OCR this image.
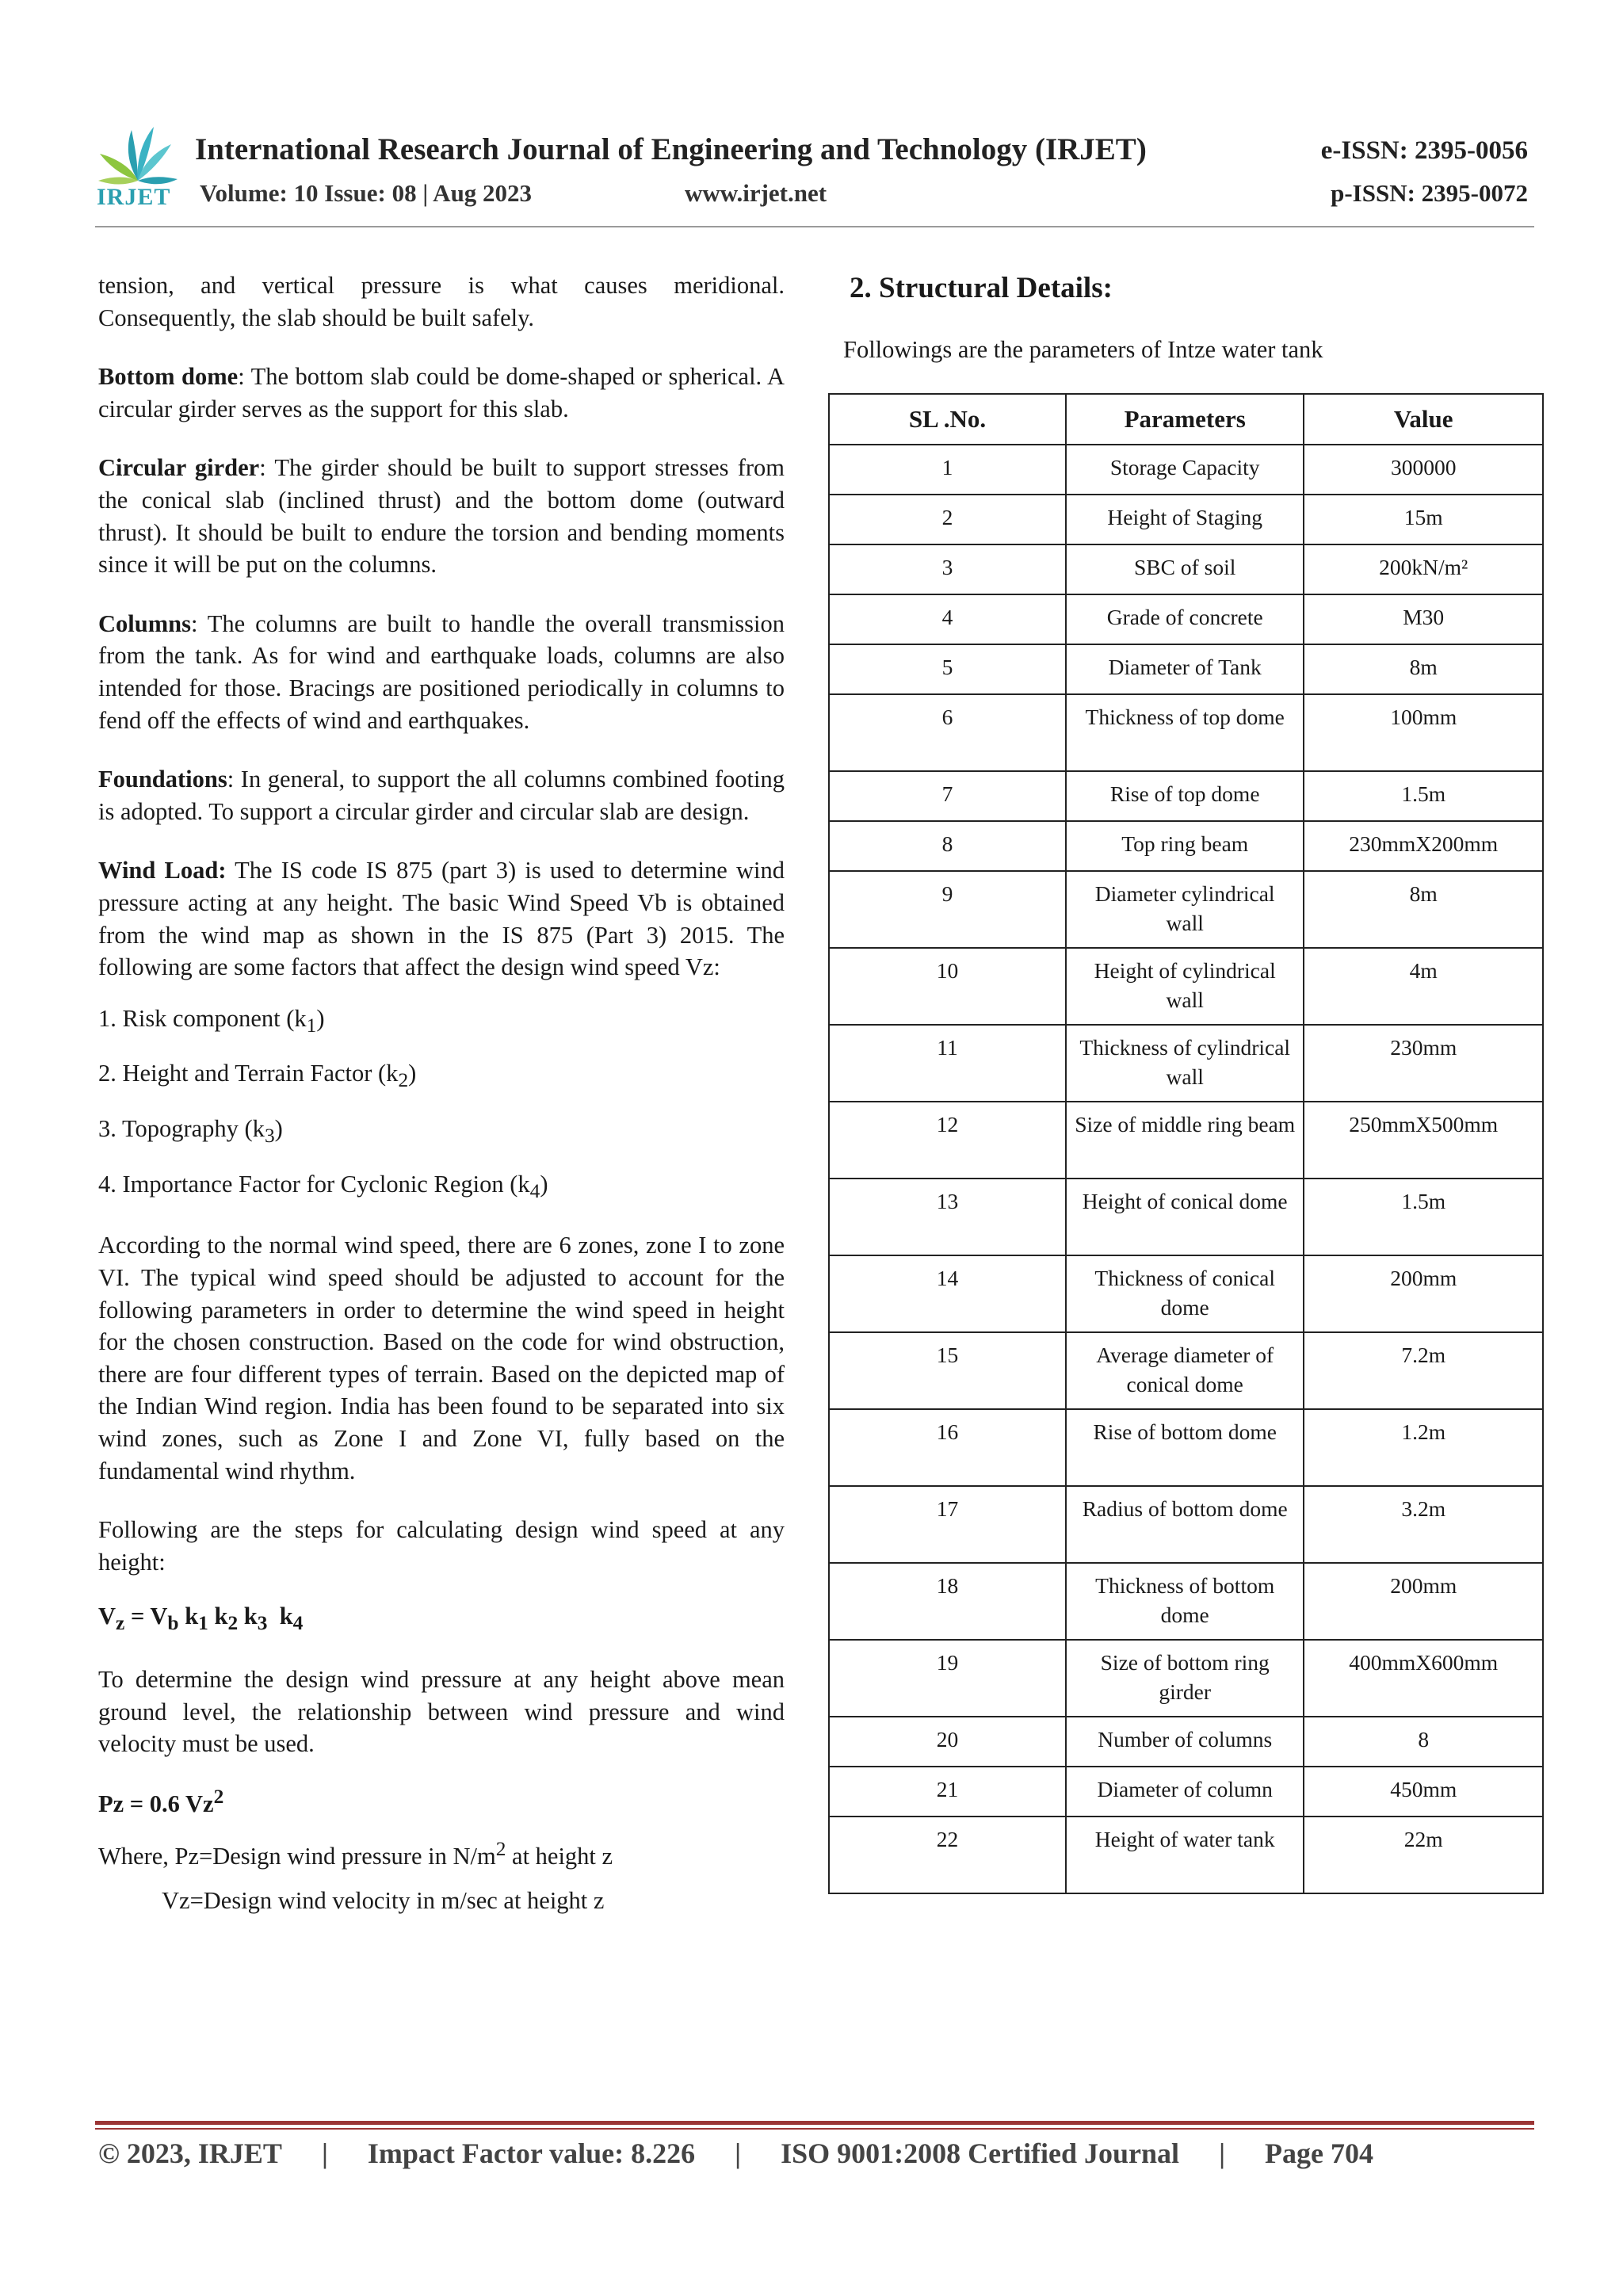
IRJET
International Research Journal of Engineering and Technology (IRJET)
Volume: 10 Issue: 08 | Aug 2023	www.irjet.net
e-ISSN: 2395-0056
p-ISSN: 2395-0072

tension, and vertical pressure is what causes meridional. Consequently, the slab should be built safely.

Bottom dome: The bottom slab could be dome-shaped or spherical. A circular girder serves as the support for this slab.

Circular girder: The girder should be built to support stresses from the conical slab (inclined thrust) and the bottom dome (outward thrust). It should be built to endure the torsion and bending moments since it will be put on the columns.

Columns: The columns are built to handle the overall transmission from the tank. As for wind and earthquake loads, columns are also intended for those. Bracings are positioned periodically in columns to fend off the effects of wind and earthquakes.

Foundations: In general, to support the all columns combined footing is adopted. To support a circular girder and circular slab are design.

Wind Load: The IS code IS 875 (part 3) is used to determine wind pressure acting at any height. The basic Wind Speed Vb is obtained from the wind map as shown in the IS 875 (Part 3) 2015. The following are some factors that affect the design wind speed Vz:

1. Risk component $(k_1)$

2. Height and Terrain Factor $(k_2)$

3. Topography $(k_3)$

4. Importance Factor for Cyclonic Region $(k_4)$

According to the normal wind speed, there are 6 zones, zone I to zone VI. The typical wind speed should be adjusted to account for the following parameters in order to determine the wind speed in height for the chosen construction. Based on the code for wind obstruction, there are four different types of terrain. Based on the depicted map of the Indian Wind region. India has been found to be separated into six wind zones, such as Zone I and Zone VI, fully based on the fundamental wind rhythm.

Following are the steps for calculating design wind speed at any height:

$V_z = V_b$ $k_1$ $k_2$ $k_3$  $k_4$

To determine the design wind pressure at any height above mean ground level, the relationship between wind pressure and wind velocity must be used.

Pz = 0.6 Vz$^2$

Where, Pz=Design wind pressure in $N/m^2$ at height z

Vz=Design wind velocity in m/sec at height z

2. Structural Details:
Followings are the parameters of Intze water tank
SL .No.	Parameters	Value
1	Storage Capacity	300000
2	Height of Staging	15m
3	SBC of soil	200kN/m²
4	Grade of concrete	M30
5	Diameter of Tank	8m
6	Thickness of top dome	100mm
7	Rise of top dome	1.5m
8	Top ring beam	230mmX200mm
9	Diameter cylindrical wall	8m
10	Height of cylindrical wall	4m
11	Thickness of cylindrical wall	230mm
12	Size of middle ring beam	250mmX500mm
13	Height of conical dome	1.5m
14	Thickness of conical dome	200mm
15	Average diameter of conical dome	7.2m
16	Rise of bottom dome	1.2m
17	Radius of bottom dome	3.2m
18	Thickness of bottom dome	200mm
19	Size of bottom ring girder	400mmX600mm
20	Number of columns	8
21	Diameter of column	450mm
22	Height of water tank	22m
© 2023, IRJET | Impact Factor value: 8.226 | ISO 9001:2008 Certified Journal | Page 704
